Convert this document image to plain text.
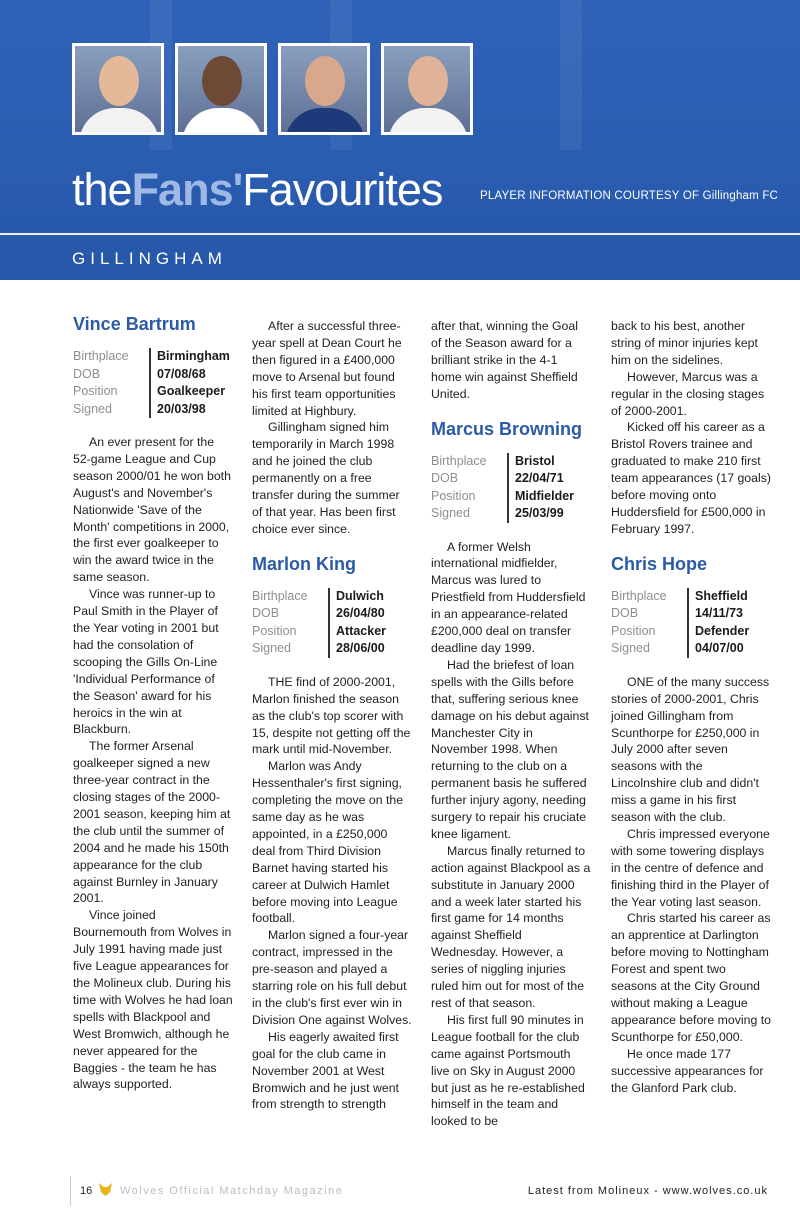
theFans'Favourites	PLAYER INFORMATION COURTESY OF Gillingham FC
GILLINGHAM
Vince Bartrum
Birthplace	Birmingham
DOB	07/08/68
Position	Goalkeeper
Signed	20/03/98

An ever present for the 52-game League and Cup season 2000/01 he won both August's and November's Nationwide 'Save of the Month' competitions in 2000, the first ever goalkeeper to win the award twice in the same season.

Vince was runner-up to Paul Smith in the Player of the Year voting in 2001 but had the consolation of scooping the Gills On-Line 'Individual Performance of the Season' award for his heroics in the win at Blackburn.

The former Arsenal goalkeeper signed a new three-year contract in the closing stages of the 2000-2001 season, keeping him at the club until the summer of 2004 and he made his 150th appearance for the club against Burnley in January 2001.

Vince joined Bournemouth from Wolves in July 1991 having made just five League appearances for the Molineux club. During his time with Wolves he had loan spells with Blackpool and West Bromwich, although he never appeared for the Baggies - the team he has always supported.

After a successful three-year spell at Dean Court he then figured in a £400,000 move to Arsenal but found his first team opportunities limited at Highbury.

Gillingham signed him temporarily in March 1998 and he joined the club permanently on a free transfer during the summer of that year. Has been first choice ever since.

Marlon King
Birthplace	Dulwich
DOB	26/04/80
Position	Attacker
Signed	28/06/00

THE find of 2000-2001, Marlon finished the season as the club's top scorer with 15, despite not getting off the mark until mid-November.

Marlon was Andy Hessenthaler's first signing, completing the move on the same day as he was appointed, in a £250,000 deal from Third Division Barnet having started his career at Dulwich Hamlet before moving into League football.

Marlon signed a four-year contract, impressed in the pre-season and played a starring role on his full debut in the club's first ever win in Division One against Wolves.

His eagerly awaited first goal for the club came in November 2001 at West Bromwich and he just went from strength to strength

after that, winning the Goal of the Season award for a brilliant strike in the 4-1 home win against Sheffield United.

Marcus Browning
Birthplace	Bristol
DOB	22/04/71
Position	Midfielder
Signed	25/03/99

A former Welsh international midfielder, Marcus was lured to Priestfield from Huddersfield in an appearance-related £200,000 deal on transfer deadline day 1999.

Had the briefest of loan spells with the Gills before that, suffering serious knee damage on his debut against Manchester City in November 1998. When returning to the club on a permanent basis he suffered further injury agony, needing surgery to repair his cruciate knee ligament.

Marcus finally returned to action against Blackpool as a substitute in January 2000 and a week later started his first game for 14 months against Sheffield Wednesday. However, a series of niggling injuries ruled him out for most of the rest of that season.

His first full 90 minutes in League football for the club came against Portsmouth live on Sky in August 2000 but just as he re-established himself in the team and looked to be

back to his best, another string of minor injuries kept him on the sidelines.

However, Marcus was a regular in the closing stages of 2000-2001.

Kicked off his career as a Bristol Rovers trainee and graduated to make 210 first team appearances (17 goals) before moving onto Huddersfield for £500,000 in February 1997.

Chris Hope
Birthplace	Sheffield
DOB	14/11/73
Position	Defender
Signed	04/07/00

ONE of the many success stories of 2000-2001, Chris joined Gillingham from Scunthorpe for £250,000 in July 2000 after seven seasons with the Lincolnshire club and didn't miss a game in his first season with the club.

Chris impressed everyone with some towering displays in the centre of defence and finishing third in the Player of the Year voting last season.

Chris started his career as an apprentice at Darlington before moving to Nottingham Forest and spent two seasons at the City Ground without making a League appearance before moving to Scunthorpe for £50,000.

He once made 177 successive appearances for the Glanford Park club.

16	Wolves Official Matchday Magazine	Latest from Molineux - www.wolves.co.uk
